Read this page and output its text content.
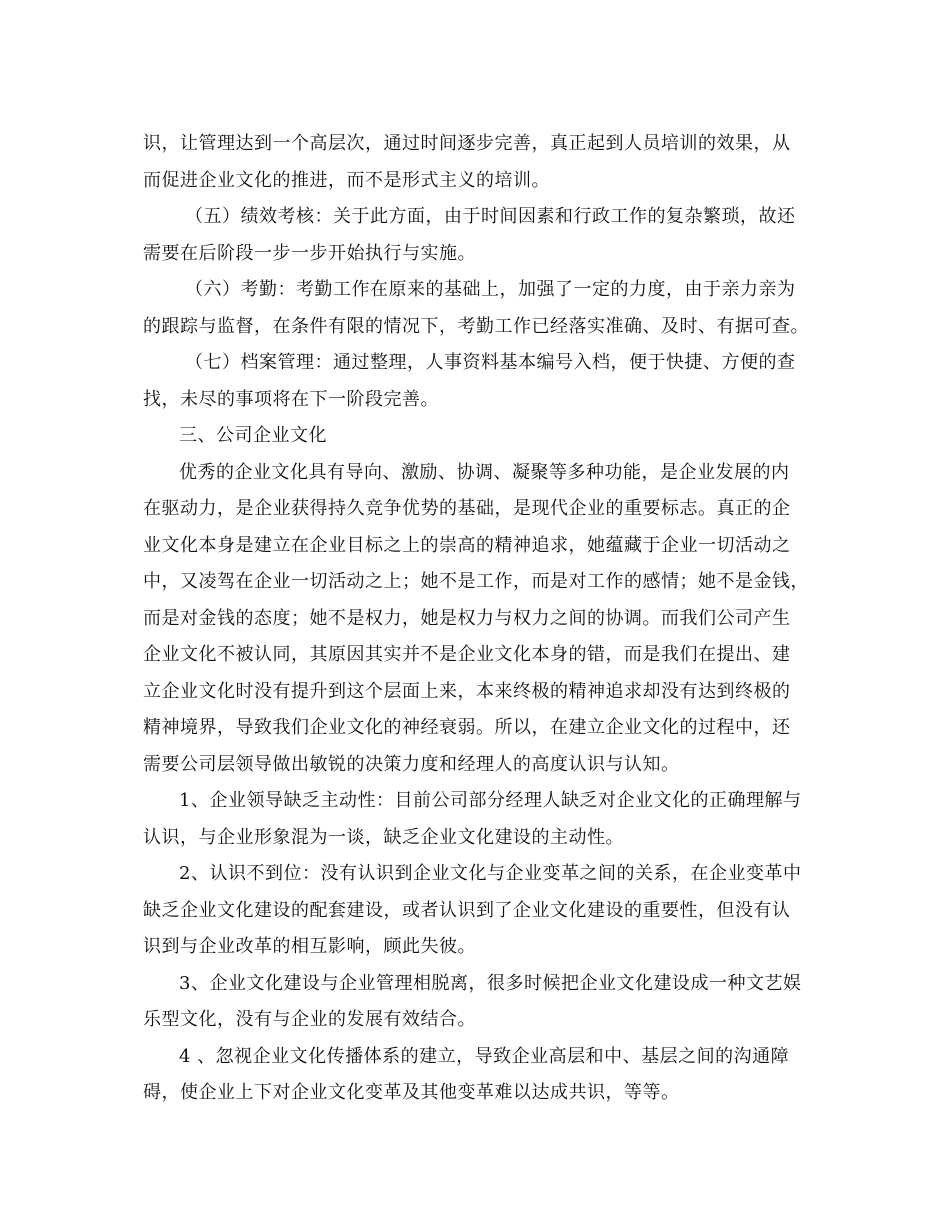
识，让管理达到一个高层次，通过时间逐步完善，真正起到人员培训的效果，从
而促进企业文化的推进，而不是形式主义的培训。
（五）绩效考核：关于此方面，由于时间因素和行政工作的复杂繁琐，故还
需要在后阶段一步一步开始执行与实施。
（六）考勤：考勤工作在原来的基础上，加强了一定的力度，由于亲力亲为
的跟踪与监督，在条件有限的情况下，考勤工作已经落实准确、及时、有据可查。
（七）档案管理：通过整理，人事资料基本编号入档，便于快捷、方便的查
找，未尽的事项将在下一阶段完善。
三、公司企业文化
优秀的企业文化具有导向、激励、协调、凝聚等多种功能，是企业发展的内
在驱动力，是企业获得持久竞争优势的基础，是现代企业的重要标志。真正的企
业文化本身是建立在企业目标之上的崇高的精神追求，她蕴藏于企业一切活动之
中，又凌驾在企业一切活动之上；她不是工作，而是对工作的感情；她不是金钱，
而是对金钱的态度；她不是权力，她是权力与权力之间的协调。而我们公司产生
企业文化不被认同，其原因其实并不是企业文化本身的错，而是我们在提出、建
立企业文化时没有提升到这个层面上来，本来终极的精神追求却没有达到终极的
精神境界，导致我们企业文化的神经衰弱。所以，在建立企业文化的过程中，还
需要公司层领导做出敏锐的决策力度和经理人的高度认识与认知。
1、企业领导缺乏主动性：目前公司部分经理人缺乏对企业文化的正确理解与
认识，与企业形象混为一谈，缺乏企业文化建设的主动性。
2、认识不到位：没有认识到企业文化与企业变革之间的关系，在企业变革中
缺乏企业文化建设的配套建设，或者认识到了企业文化建设的重要性，但没有认
识到与企业改革的相互影响，顾此失彼。
3、企业文化建设与企业管理相脱离，很多时候把企业文化建设成一种文艺娱
乐型文化，没有与企业的发展有效结合。
4 、忽视企业文化传播体系的建立，导致企业高层和中、基层之间的沟通障
碍，使企业上下对企业文化变革及其他变革难以达成共识，等等。
